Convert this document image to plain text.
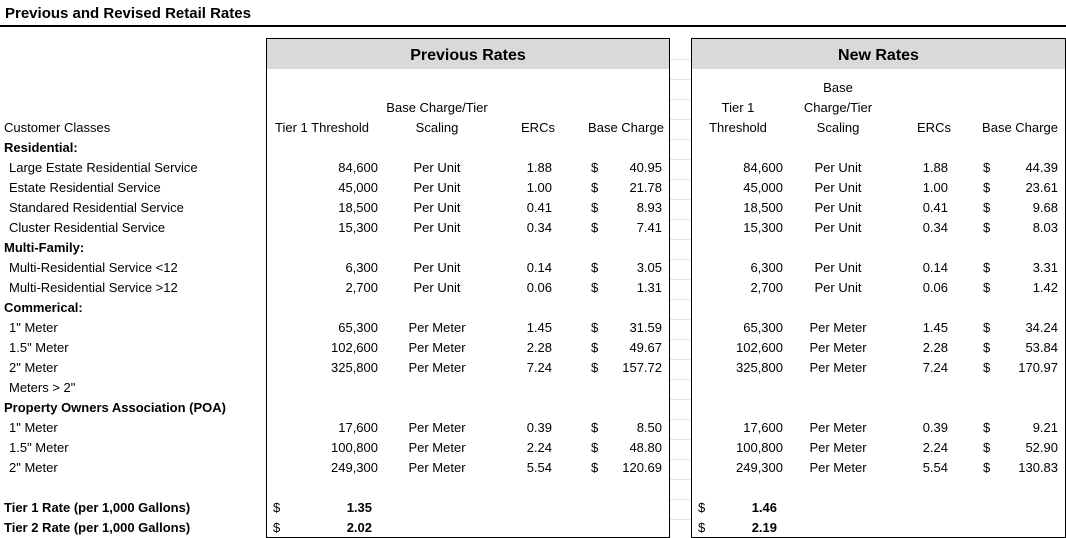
Previous and Revised Retail Rates
Previous Rates	New Rates
Customer Classes	Tier 1 Threshold
Base Charge/Tier
Scaling	ERCs	Base Charge
Tier 1
Threshold
Base
Charge/Tier
Scaling	ERCs	Base Charge
Residential:
Large Estate Residential Service	84,600	Per Unit	1.88	$	40.95	84,600	Per Unit	1.88	$	44.39
Estate Residential Service	45,000	Per Unit	1.00	$	21.78	45,000	Per Unit	1.00	$	23.61
Standared Residential Service	18,500	Per Unit	0.41	$	8.93	18,500	Per Unit	0.41	$	9.68
Cluster Residential Service	15,300	Per Unit	0.34	$	7.41	15,300	Per Unit	0.34	$	8.03
Multi-Family:
Multi-Residential Service <12	6,300	Per Unit	0.14	$	3.05	6,300	Per Unit	0.14	$	3.31
Multi-Residential Service >12	2,700	Per Unit	0.06	$	1.31	2,700	Per Unit	0.06	$	1.42
Commerical:
1" Meter	65,300	Per Meter	1.45	$	31.59	65,300	Per Meter	1.45	$	34.24
1.5" Meter	102,600	Per Meter	2.28	$	49.67	102,600	Per Meter	2.28	$	53.84
2" Meter	325,800	Per Meter	7.24	$	157.72	325,800	Per Meter	7.24	$	170.97
Meters > 2"
Property Owners Association (POA)
1" Meter	17,600	Per Meter	0.39	$	8.50	17,600	Per Meter	0.39	$	9.21
1.5" Meter	100,800	Per Meter	2.24	$	48.80	100,800	Per Meter	2.24	$	52.90
2" Meter	249,300	Per Meter	5.54	$	120.69	249,300	Per Meter	5.54	$	130.83
Tier 1 Rate (per 1,000 Gallons)	$	1.35	$	1.46
Tier 2 Rate (per 1,000 Gallons)	$	2.02	$	2.19
